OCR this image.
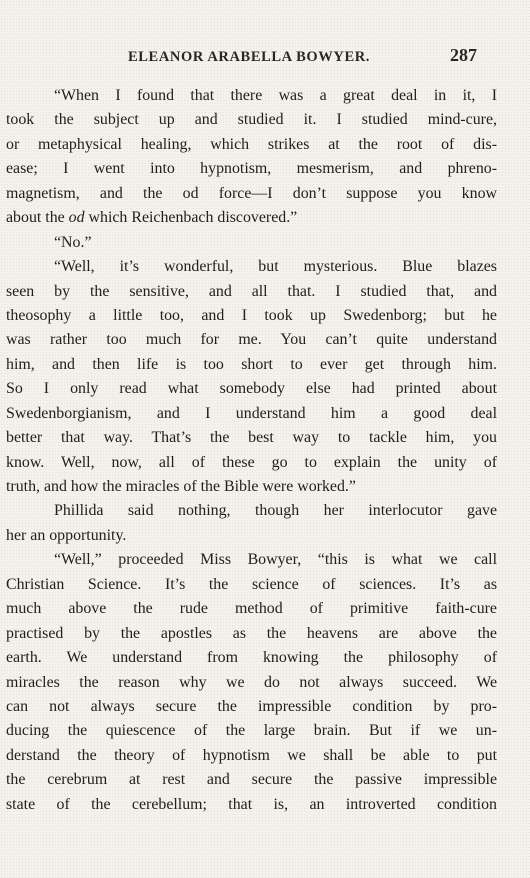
ELEANOR ARABELLA BOWYER.	287
“When I found that there was a great deal in it, I
took the subject up and studied it. I studied mind-cure,
or metaphysical healing, which strikes at the root of dis-
ease; I went into hypnotism, mesmerism, and phreno-
magnetism, and the od force—I don’t suppose you know
about the od which Reichenbach discovered.”
“No.”
“Well, it’s wonderful, but mysterious. Blue blazes
seen by the sensitive, and all that. I studied that, and
theosophy a little too, and I took up Swedenborg; but he
was rather too much for me. You can’t quite understand
him, and then life is too short to ever get through him.
So I only read what somebody else had printed about
Swedenborgianism, and I understand him a good deal
better that way. That’s the best way to tackle him, you
know. Well, now, all of these go to explain the unity of
truth, and how the miracles of the Bible were worked.”
Phillida said nothing, though her interlocutor gave
her an opportunity.
“Well,” proceeded Miss Bowyer, “this is what we call
Christian Science. It’s the science of sciences. It’s as
much above the rude method of primitive faith-cure
practised by the apostles as the heavens are above the
earth. We understand from knowing the philosophy of
miracles the reason why we do not always succeed. We
can not always secure the impressible condition by pro-
ducing the quiescence of the large brain. But if we un-
derstand the theory of hypnotism we shall be able to put
the cerebrum at rest and secure the passive impressible
state of the cerebellum; that is, an introverted condition
